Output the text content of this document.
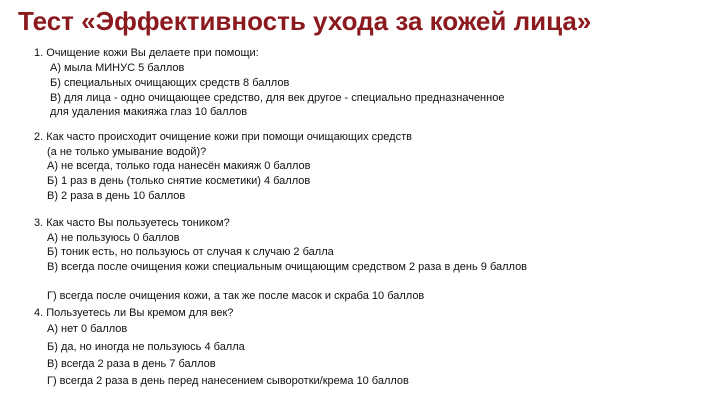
Тест «Эффективность ухода за кожей лица»

1. Очищение кожи Вы делаете при помощи:

А) мыла МИНУС 5 баллов

Б) специальных очищающих средств 8 баллов

В) для лица - одно очищающее средство, для век другое - специально предназначенное

для удаления макияжа глаз 10 баллов

2. Как часто происходит очищение кожи при помощи очищающих средств

(а не только умывание водой)?

А) не всегда, только года нанесён макияж 0 баллов

Б) 1 раз в день (только снятие косметики) 4 баллов

В) 2 раза в день 10 баллов

3. Как часто Вы пользуетесь тоником?

А) не пользуюсь 0 баллов

Б) тоник есть, но пользуюсь от случая к случаю 2 балла

В) всегда после очищения кожи специальным очищающим средством 2 раза в день 9 баллов

Г) всегда после очищения кожи, а так же после масок и скраба 10 баллов

4. Пользуетесь ли Вы кремом для век?

А) нет 0 баллов

Б) да, но иногда не пользуюсь 4 балла

В) всегда 2 раза в день 7 баллов

Г) всегда 2 раза в день перед нанесением сыворотки/крема 10 баллов
